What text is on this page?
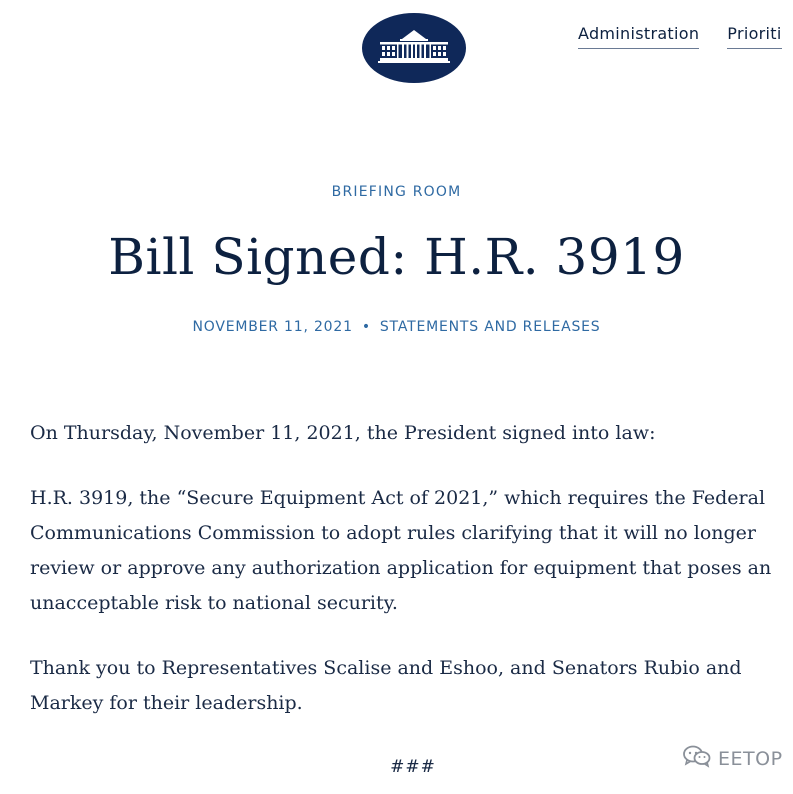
Administration Prioriti
BRIEFING ROOM
Bill Signed: H.R. 3919
NOVEMBER 11, 2021 • STATEMENTS AND RELEASES

On Thursday, November 11, 2021, the President signed into law:

H.R. 3919, the “Secure Equipment Act of 2021,” which requires the Federal Communications Commission to adopt rules clarifying that it will no longer review or approve any authorization application for equipment that poses an unacceptable risk to national security.

Thank you to Representatives Scalise and Eshoo, and Senators Rubio and Markey for their leadership.

###	EETOP
